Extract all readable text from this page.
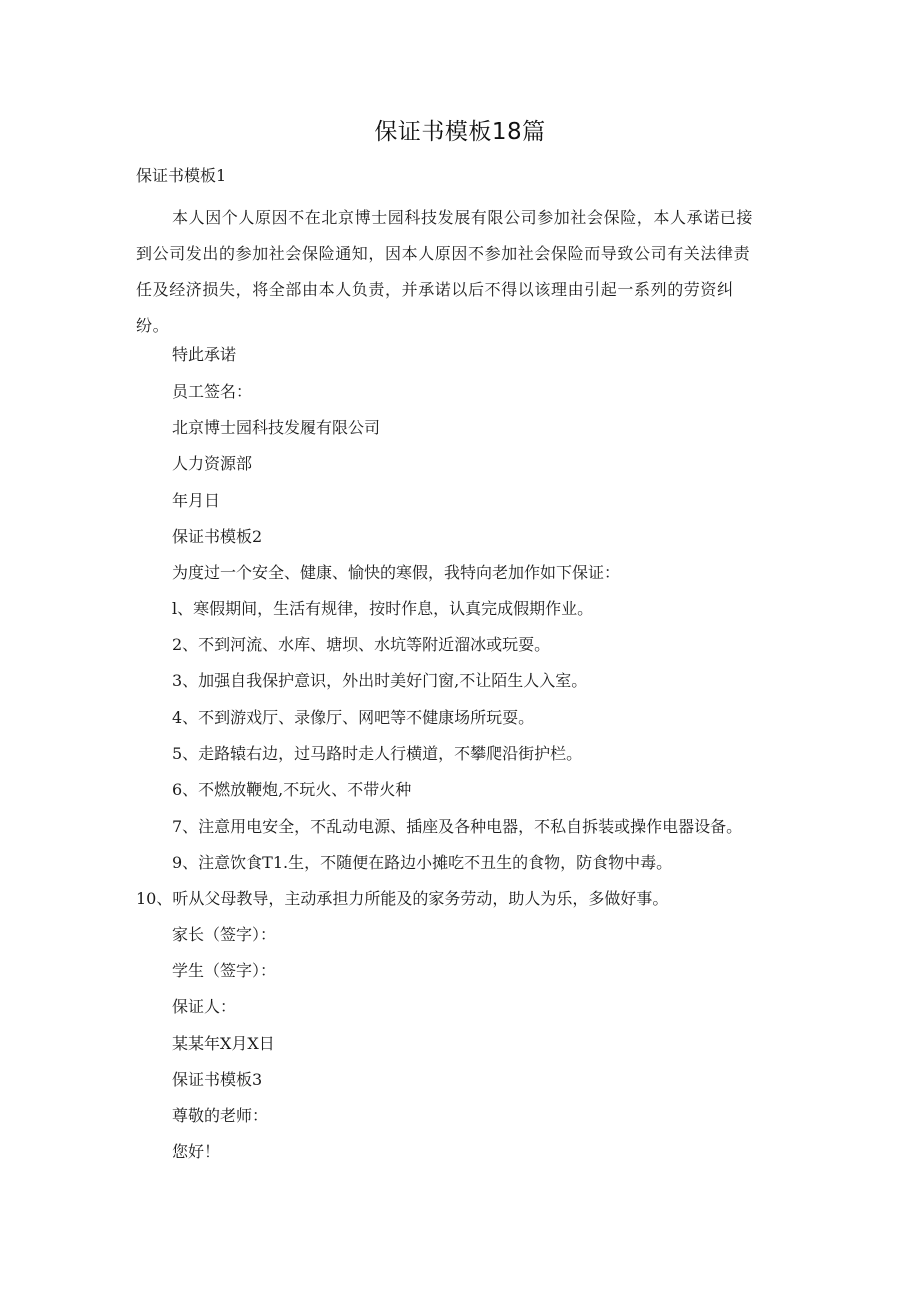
保证书模板18篇
保证书模板1
本人因个人原因不在北京博士园科技发展有限公司参加社会保险，本人承诺已接
到公司发出的参加社会保险通知，因本人原因不参加社会保险而导致公司有关法律责
任及经济损失，将全部由本人负责，并承诺以后不得以该理由引起一系列的劳资纠
纷。
特此承诺
员工签名：
北京博士园科技发履有限公司
人力资源部
年月日
保证书模板2
为度过一个安全、健康、愉快的寒假，我特向老加作如下保证：
l、寒假期间，生活有规律，按时作息，认真完成假期作业。
2、不到河流、水库、塘坝、水坑等附近溜冰或玩耍。
3、加强自我保护意识，外出时美好门窗,不让陌生人入室。
4、不到游戏厅、录像厅、网吧等不健康场所玩耍。
5、走路辕右边，过马路时走人行横道，不攀爬沿街护栏。
6、不燃放鞭炮,不玩火、不带火种
7、注意用电安全，不乱动电源、插座及各种电器，不私自拆装或操作电器设备。
9、注意饮食T1.生，不随便在路边小摊吃不丑生的食物，防食物中毒。
10、听从父母教导，主动承担力所能及的家务劳动，助人为乐，多做好事。
家长（签字）：
学生（签字）：
保证人：
某某年X月X日
保证书模板3
尊敬的老师：
您好！
